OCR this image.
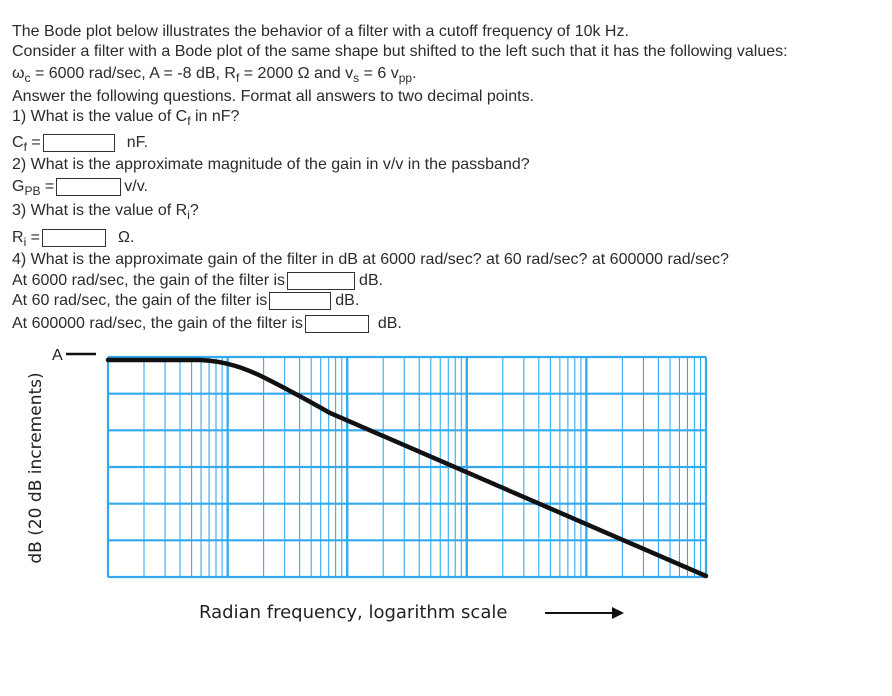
The Bode plot below illustrates the behavior of a filter with a cutoff frequency of 10k Hz.
Consider a filter with a Bode plot of the same shape but shifted to the left such that it has the following values:
$\omega_c = 6000$ rad/sec, A = -8 dB, $R_f = 2000$ Ω and $v_s = 6$ $v_{pp}$.
Answer the following questions. Format all answers to two decimal points.
1) What is the value of $C_f$ in nF?
$C_f$ =	nF.
2) What is the approximate magnitude of the gain in v/v in the passband?
$G_{PB}$ =	v/v.
3) What is the value of $R_i$?
$R_i$ =	Ω.
4) What is the approximate gain of the filter in dB at 6000 rad/sec? at 60 rad/sec? at 600000 rad/sec?
At 6000 rad/sec, the gain of the filter is	dB.
At 60 rad/sec, the gain of the filter is	dB.
At 600000 rad/sec, the gain of the filter is	dB.
dB (20 dB increments)
A
Radian frequency, logarithm scale
